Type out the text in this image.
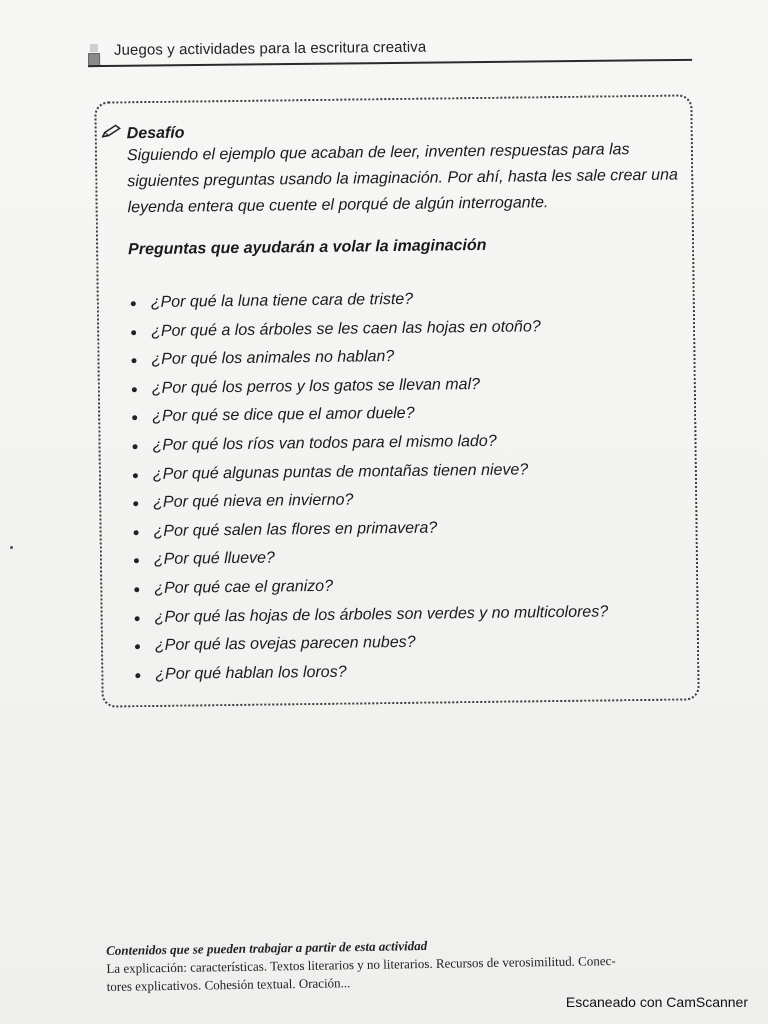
Juegos y actividades para la escritura creativa
Desafío

Siguiendo el ejemplo que acaban de leer, inventen respuestas para las siguientes preguntas usando la imaginación. Por ahí, hasta les sale crear una leyenda entera que cuente el porqué de algún interrogante.

Preguntas que ayudarán a volar la imaginación
¿Por qué la luna tiene cara de triste?
¿Por qué a los árboles se les caen las hojas en otoño?
¿Por qué los animales no hablan?
¿Por qué los perros y los gatos se llevan mal?
¿Por qué se dice que el amor duele?
¿Por qué los ríos van todos para el mismo lado?
¿Por qué algunas puntas de montañas tienen nieve?
¿Por qué nieva en invierno?
¿Por qué salen las flores en primavera?
¿Por qué llueve?
¿Por qué cae el granizo?
¿Por qué las hojas de los árboles son verdes y no multicolores?
¿Por qué las ovejas parecen nubes?
¿Por qué hablan los loros?
Contenidos que se pueden trabajar a partir de esta actividad
La explicación: características. Textos literarios y no literarios. Recursos de verosimilitud. Conec-
tores explicativos. Cohesión textual. Oración...
Escaneado con CamScanner
